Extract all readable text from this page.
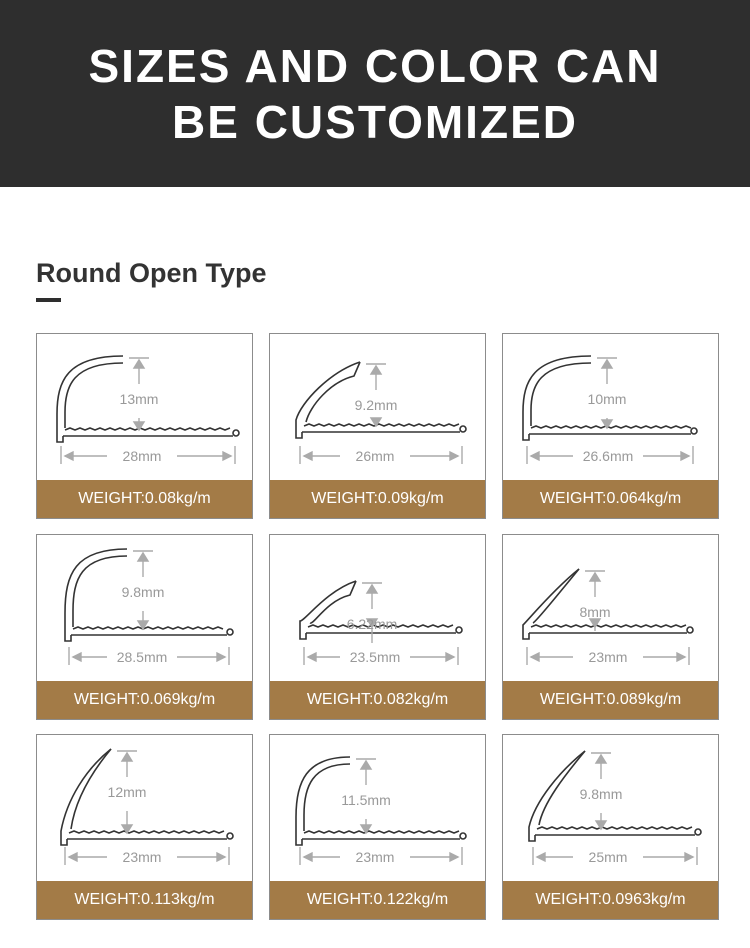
SIZES AND COLOR CAN
BE CUSTOMIZED
Round Open Type
13mm
28mm
WEIGHT:0.08kg/m
9.2mm
26mm
WEIGHT:0.09kg/m
10mm
26.6mm
WEIGHT:0.064kg/m
9.8mm
28.5mm
WEIGHT:0.069kg/m
6.22mm
23.5mm
WEIGHT:0.082kg/m
8mm
23mm
WEIGHT:0.089kg/m
12mm
23mm
WEIGHT:0.113kg/m
11.5mm
23mm
WEIGHT:0.122kg/m
9.8mm
25mm
WEIGHT:0.0963kg/m
